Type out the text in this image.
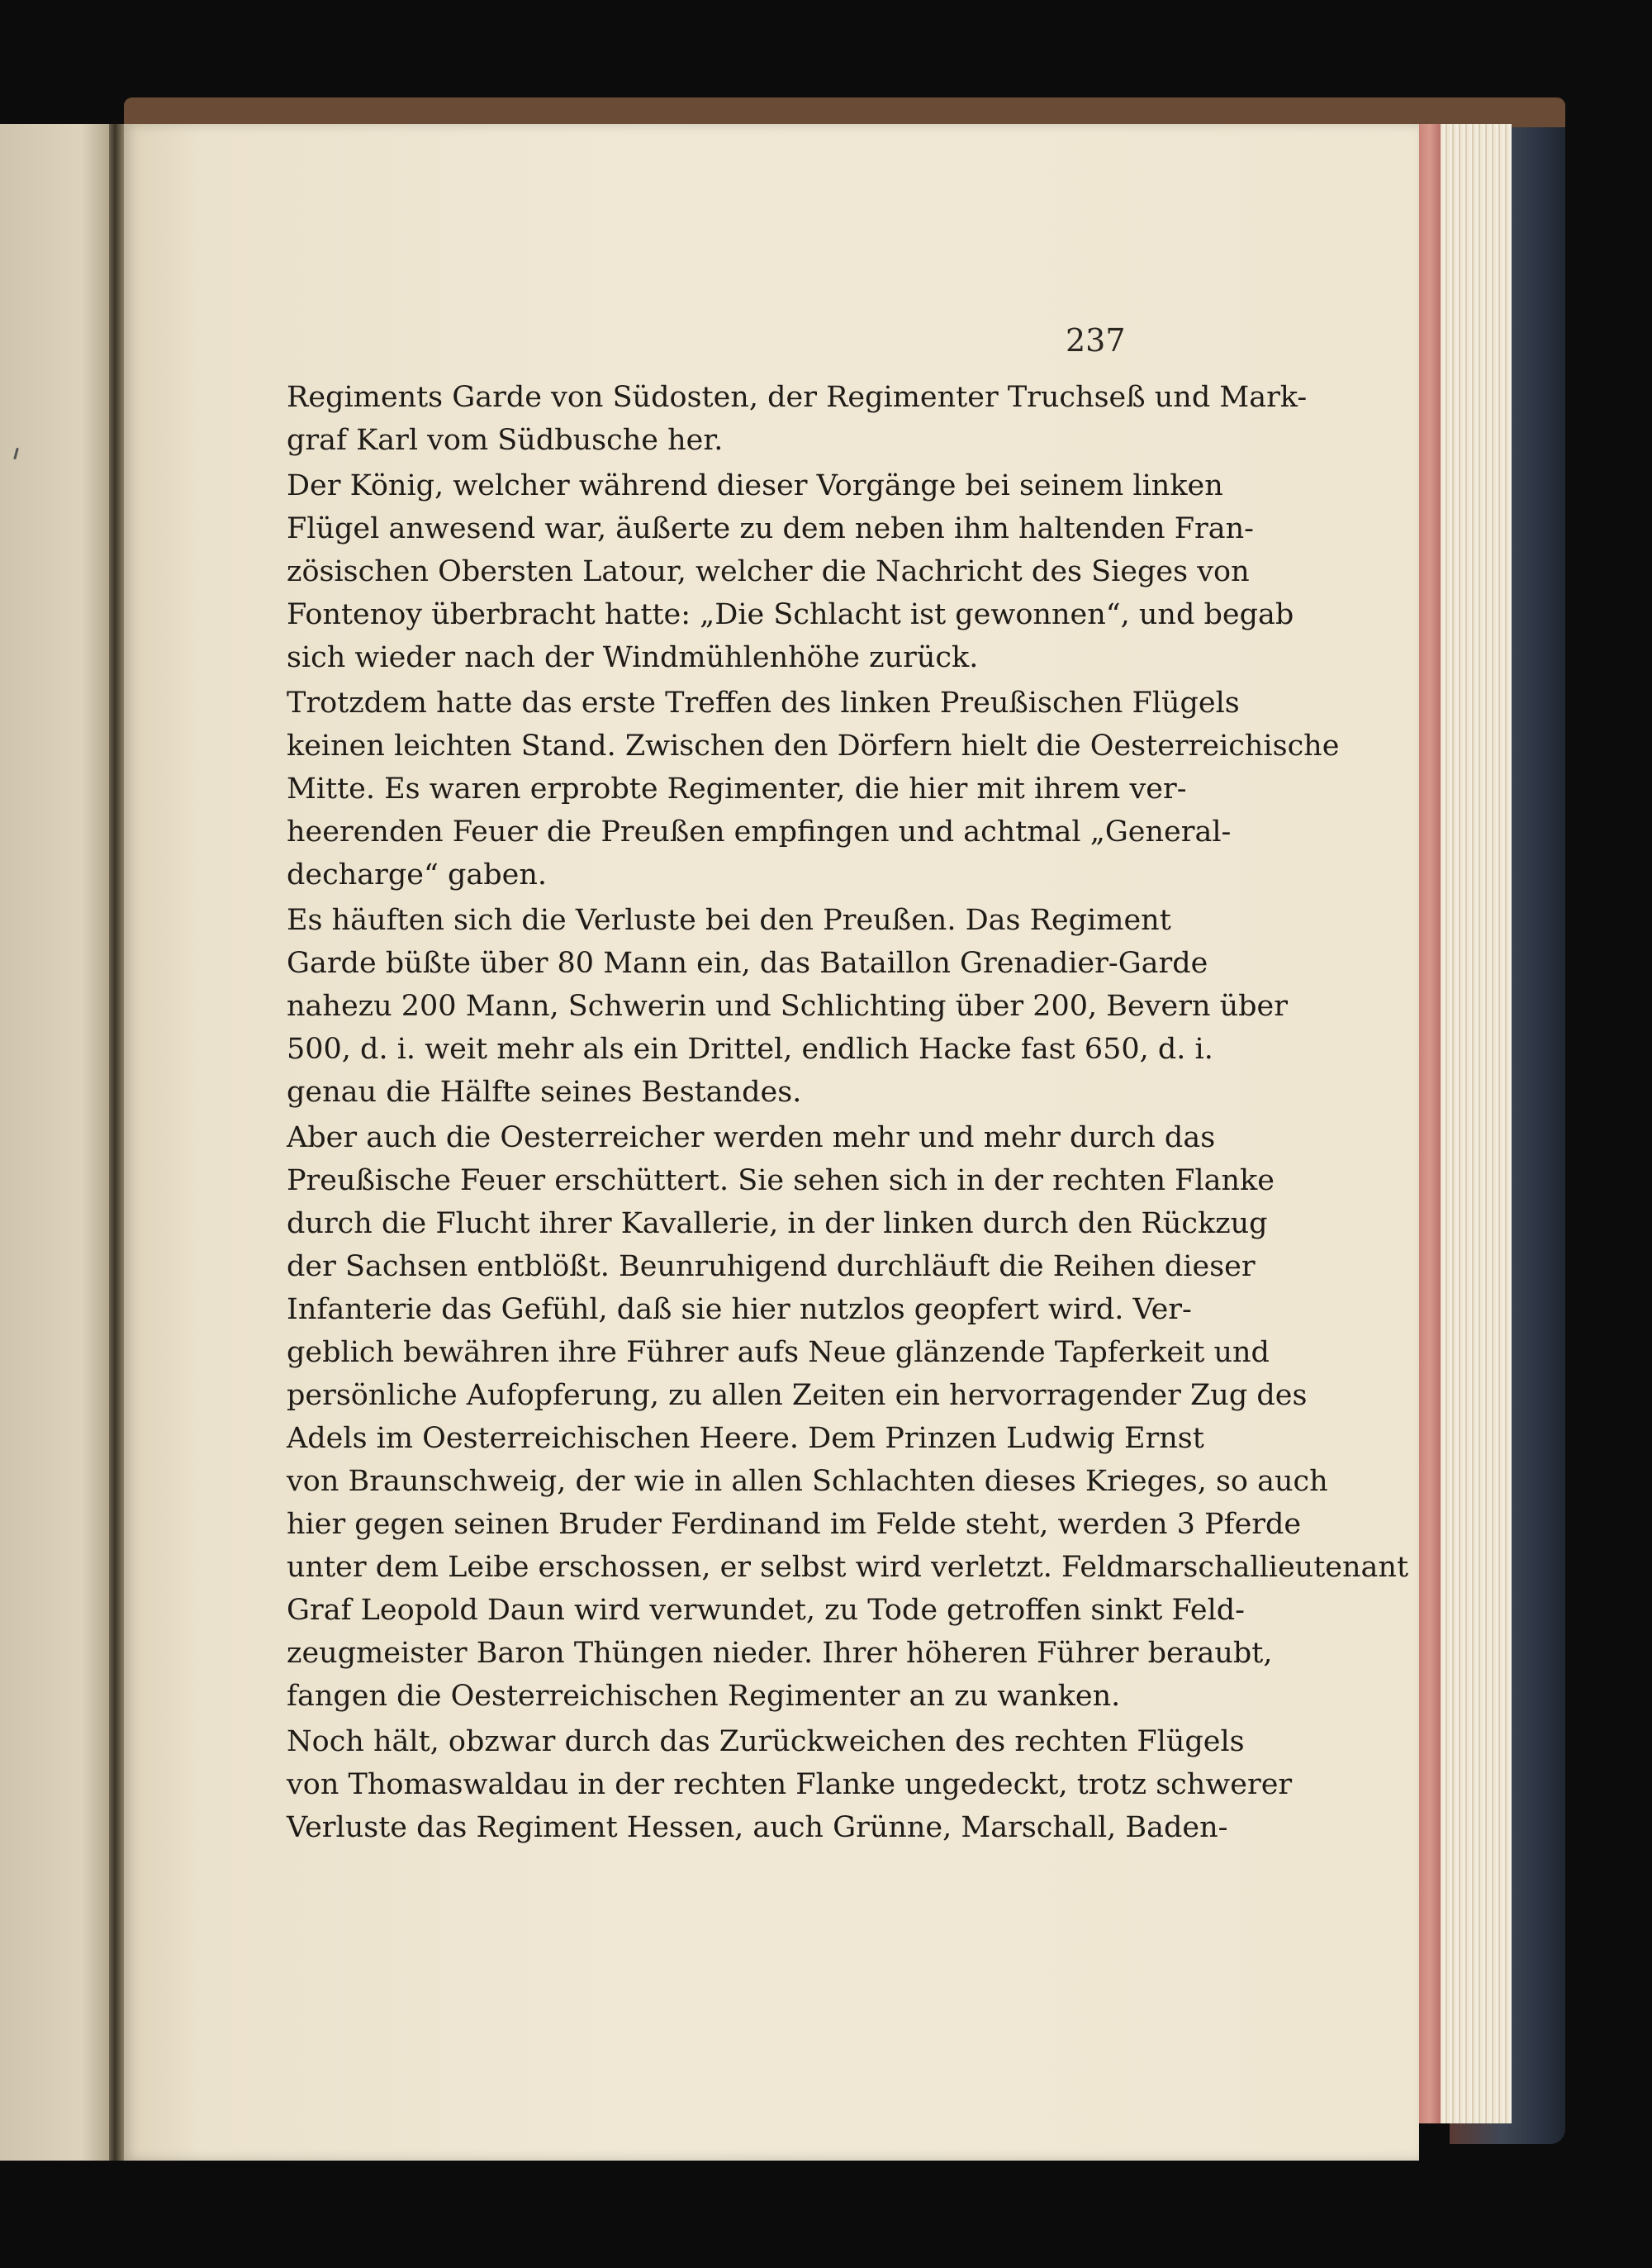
237
Regiments Garde von Südosten, der Regimenter Truchseß und Mark-
graf Karl vom Südbusche her.
Der König, welcher während dieser Vorgänge bei seinem linken
Flügel anwesend war, äußerte zu dem neben ihm haltenden Fran-
zösischen Obersten Latour, welcher die Nachricht des Sieges von
Fontenoy überbracht hatte: „Die Schlacht ist gewonnen“, und begab
sich wieder nach der Windmühlenhöhe zurück.
Trotzdem hatte das erste Treffen des linken Preußischen Flügels
keinen leichten Stand. Zwischen den Dörfern hielt die Oesterreichische
Mitte. Es waren erprobte Regimenter, die hier mit ihrem ver-
heerenden Feuer die Preußen empfingen und achtmal „General-
decharge“ gaben.
Es häuften sich die Verluste bei den Preußen. Das Regiment
Garde büßte über 80 Mann ein, das Bataillon Grenadier-Garde
nahezu 200 Mann, Schwerin und Schlichting über 200, Bevern über
500, d. i. weit mehr als ein Drittel, endlich Hacke fast 650, d. i.
genau die Hälfte seines Bestandes.
Aber auch die Oesterreicher werden mehr und mehr durch das
Preußische Feuer erschüttert. Sie sehen sich in der rechten Flanke
durch die Flucht ihrer Kavallerie, in der linken durch den Rückzug
der Sachsen entblößt. Beunruhigend durchläuft die Reihen dieser
Infanterie das Gefühl, daß sie hier nutzlos geopfert wird. Ver-
geblich bewähren ihre Führer aufs Neue glänzende Tapferkeit und
persönliche Aufopferung, zu allen Zeiten ein hervorragender Zug des
Adels im Oesterreichischen Heere. Dem Prinzen Ludwig Ernst
von Braunschweig, der wie in allen Schlachten dieses Krieges, so auch
hier gegen seinen Bruder Ferdinand im Felde steht, werden 3 Pferde
unter dem Leibe erschossen, er selbst wird verletzt. Feldmarschallieutenant
Graf Leopold Daun wird verwundet, zu Tode getroffen sinkt Feld-
zeugmeister Baron Thüngen nieder. Ihrer höheren Führer beraubt,
fangen die Oesterreichischen Regimenter an zu wanken.
Noch hält, obzwar durch das Zurückweichen des rechten Flügels
von Thomaswaldau in der rechten Flanke ungedeckt, trotz schwerer
Verluste das Regiment Hessen, auch Grünne, Marschall, Baden-
